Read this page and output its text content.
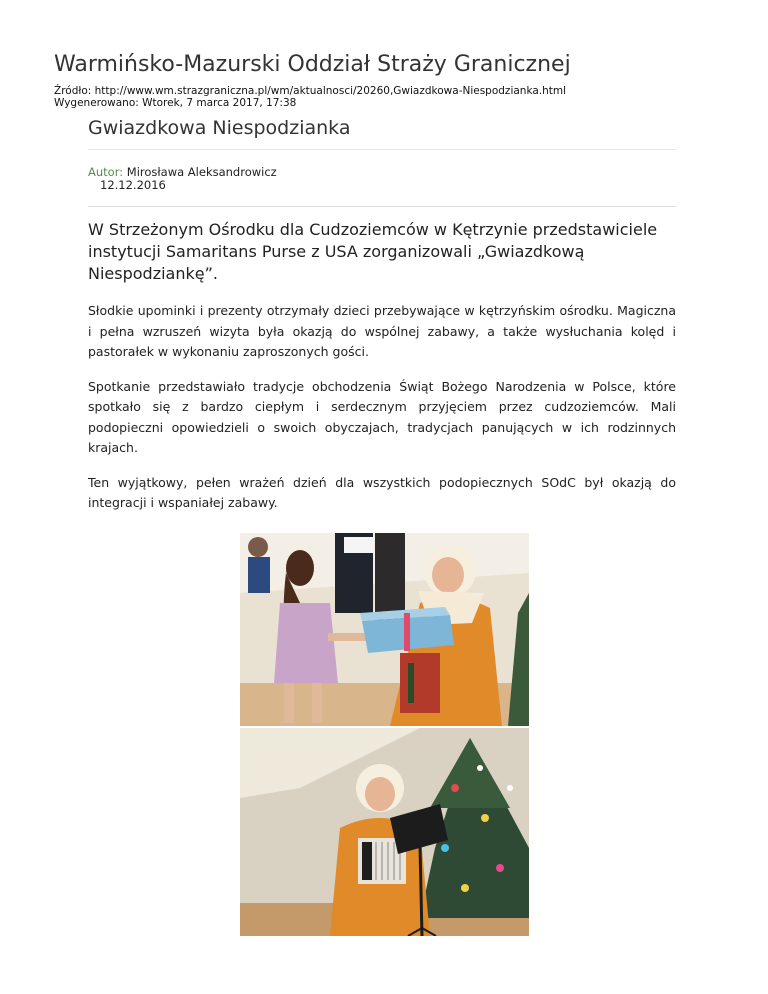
Warmińsko-Mazurski Oddział Straży Granicznej
Źródło: http://www.wm.strazgraniczna.pl/wm/aktualnosci/20260,Gwiazdkowa-Niespodzianka.html
Wygenerowano: Wtorek, 7 marca 2017, 17:38
Gwiazdkowa Niespodzianka
Autor: Mirosława Aleksandrowicz
12.12.2016

W Strzeżonym Ośrodku dla Cudzoziemców w Kętrzynie przedstawiciele instytucji Samaritans Purse z USA zorganizowali „Gwiazdkową Niespodziankę”.

Słodkie upominki i prezenty otrzymały dzieci przebywające w kętrzyńskim ośrodku. Magiczna i pełna wzruszeń wizyta była okazją do wspólnej zabawy, a także wysłuchania kolęd i pastorałek w wykonaniu zaproszonych gości.

Spotkanie przedstawiało tradycje obchodzenia Świąt Bożego Narodzenia w Polsce, które spotkało się z bardzo ciepłym i serdecznym przyjęciem przez cudzoziemców. Mali podopieczni opowiedzieli o swoich obyczajach, tradycjach panujących w ich rodzinnych krajach.

Ten wyjątkowy, pełen wrażeń dzień dla wszystkich podopiecznych SOdC był okazją do integracji i wspaniałej zabawy.
